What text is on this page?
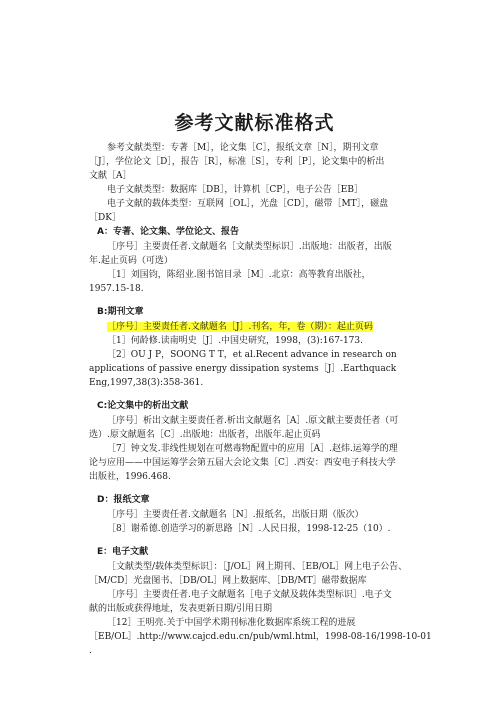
参考文献标准格式

参考文献类型：专著［M］，论文集［C］，报纸文章［N］，期刊文章

［J］，学位论文［D］，报告［R］，标准［S］，专利［P］，论文集中的析出

文献［A］

电子文献类型：数据库［DB］，计算机［CP］，电子公告［EB］

电子文献的载体类型：互联网［OL］，光盘［CD］，磁带［MT］，磁盘

［DK］

A：专著、论文集、学位论文、报告

［序号］主要责任者.文献题名［文献类型标识］.出版地：出版者，出版

年.起止页码（可选）

［1］刘国钧，陈绍业.图书馆目录［M］.北京：高等教育出版社，

1957.15-18.

B:期刊文章

［序号］主要责任者.文献题名［J］.刊名，年，卷（期）：起止页码

［1］何龄修.读南明史［J］.中国史研究，1998，(3):167-173.

［2］OU J P，SOONG T T，et al.Recent advance in research on

applications of passive energy dissipation systems［J］.Earthquack

Eng,1997,38(3):358-361.

C:论文集中的析出文献

［序号］析出文献主要责任者.析出文献题名［A］.原文献主要责任者（可

选）.原文献题名［C］.出版地：出版者，出版年.起止页码

［7］钟文发.非线性规划在可燃毒物配置中的应用［A］.赵炜.运筹学的理

论与应用——中国运筹学会第五届大会论文集［C］.西安：西安电子科技大学

出版社，1996.468.

D：报纸文章

［序号］主要责任者.文献题名［N］.报纸名，出版日期（版次）

［8］谢希德.创造学习的新思路［N］.人民日报，1998-12-25（10）.

E：电子文献

［文献类型/载体类型标识］：［J/OL］网上期刊、［EB/OL］网上电子公告、

［M/CD］光盘图书、［DB/OL］网上数据库、［DB/MT］磁带数据库

［序号］主要责任者.电子文献题名［电子文献及载体类型标识］.电子文

献的出版或获得地址，发表更新日期/引用日期

［12］王明亮.关于中国学术期刊标准化数据库系统工程的进展

［EB/OL］.http://www.cajcd.edu.cn/pub/wml.html，1998-08-16/1998-10-01

.
